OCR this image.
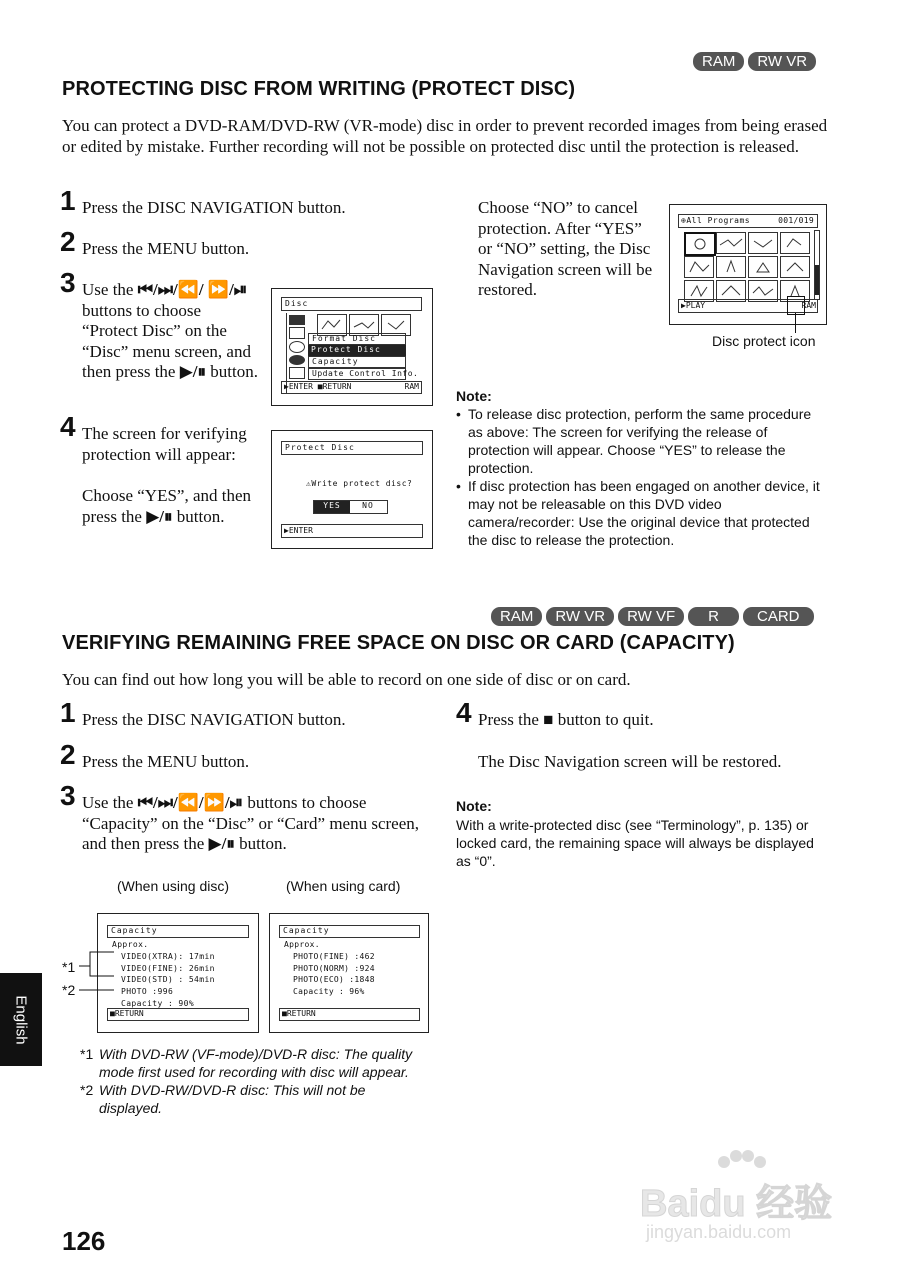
RAM	RW VR
PROTECTING DISC FROM WRITING (PROTECT DISC)
You can protect a DVD-RAM/DVD-RW (VR-mode) disc in order to prevent recorded images from being erased or edited by mistake. Further recording will not be possible on protected disc until the protection is released.
1 Press the DISC NAVIGATION button.
2 Press the MENU button.
3 Use the ⏮/⏭/⏪/ ⏩/⏯ buttons to choose “Protect Disc” on the “Disc” menu screen, and then press the ▶/⏸ button.
4 The screen for verifying protection will appear:
Choose “YES”, and then press the ▶/⏸ button.
Disc
Format Disc
Protect Disc
Capacity
Update Control Info.
▶ENTER ■RETURN	RAM
Protect Disc
⚠Write protect disc?
YES	NO
▶ENTER
Choose “NO” to cancel protection. After “YES” or “NO” setting, the Disc Navigation screen will be restored.
⊕All Programs	001/019
▶PLAY	RAM
Disc protect icon
Note:
• To release disc protection, perform the same procedure as above: The screen for verifying the release of protection will appear. Choose “YES” to release the protection.
• If disc protection has been engaged on another device, it may not be releasable on this DVD video camera/recorder: Use the original device that protected the disc to release the protection.
RAM	RW VR	RW VF	R	CARD
VERIFYING REMAINING FREE SPACE ON DISC OR CARD (CAPACITY)
You can find out how long you will be able to record on one side of disc or on card.
1 Press the DISC NAVIGATION button.
2 Press the MENU button.
3 Use the ⏮/⏭/⏪/⏩/⏯ buttons to choose “Capacity” on the “Disc” or “Card” menu screen, and then press the ▶/⏸ button.
4 Press the ■ button to quit.
The Disc Navigation screen will be restored.
Note:
With a write-protected disc (see “Terminology”, p. 135) or locked card, the remaining space will always be displayed as “0”.
(When using disc)	(When using card)
Capacity
Approx.
VIDEO(XTRA): 17min
VIDEO(FINE): 26min
VIDEO(STD) : 54min
PHOTO :996
Capacity : 90%
■RETURN
Capacity
Approx.
PHOTO(FINE) :462
PHOTO(NORM) :924
PHOTO(ECO) :1848
Capacity : 96%
■RETURN
*1
*2
*1 With DVD-RW (VF-mode)/DVD-R disc: The quality mode first used for recording with disc will appear.
*2 With DVD-RW/DVD-R disc: This will not be displayed.
English
126
Baidu 经验
jingyan.baidu.com
